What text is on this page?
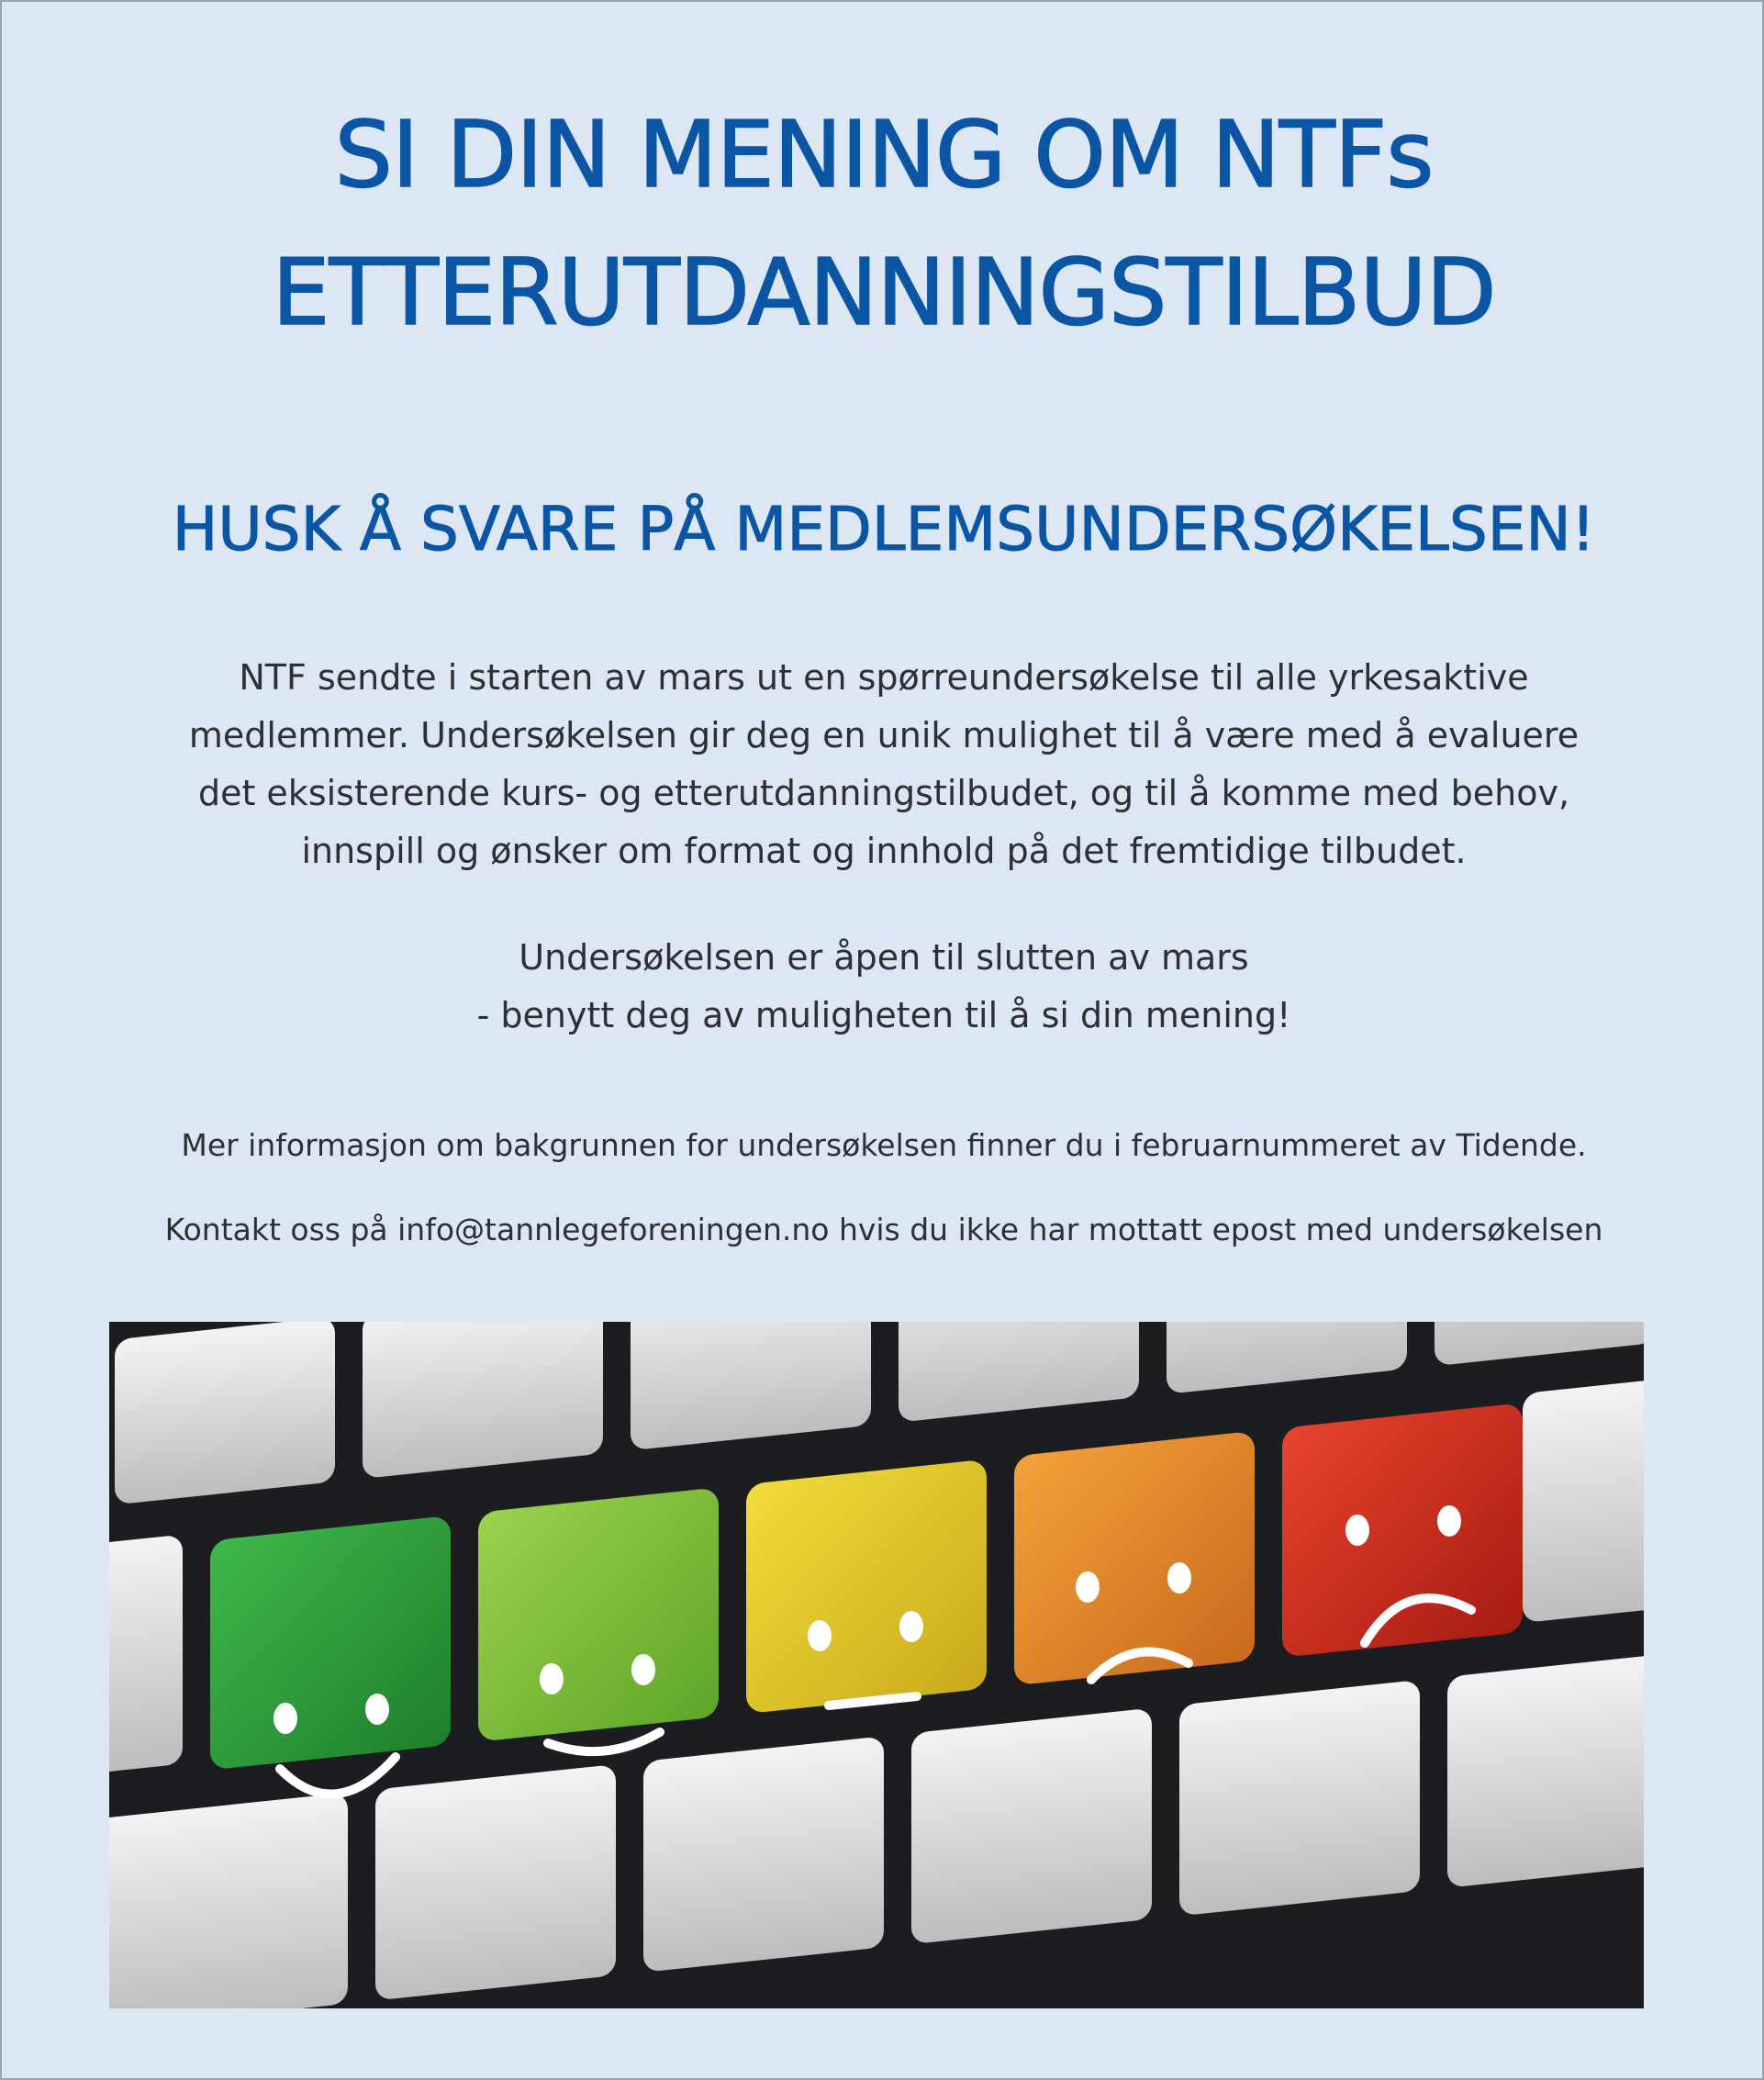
SI DIN MENING OM NTFs
ETTERUTDANNINGSTILBUD
HUSK Å SVARE PÅ MEDLEMSUNDERSØKELSEN!

NTF sendte i starten av mars ut en spørreundersøkelse til alle yrkesaktive
medlemmer. Undersøkelsen gir deg en unik mulighet til å være med å evaluere
det eksisterende kurs- og etterutdanningstilbudet, og til å komme med behov,
innspill og ønsker om format og innhold på det fremtidige tilbudet.

Undersøkelsen er åpen til slutten av mars
- benytt deg av muligheten til å si din mening!

Mer informasjon om bakgrunnen for undersøkelsen finner du i februarnummeret av Tidende.

Kontakt oss på info@tannlegeforeningen.no hvis du ikke har mottatt epost med undersøkelsen
